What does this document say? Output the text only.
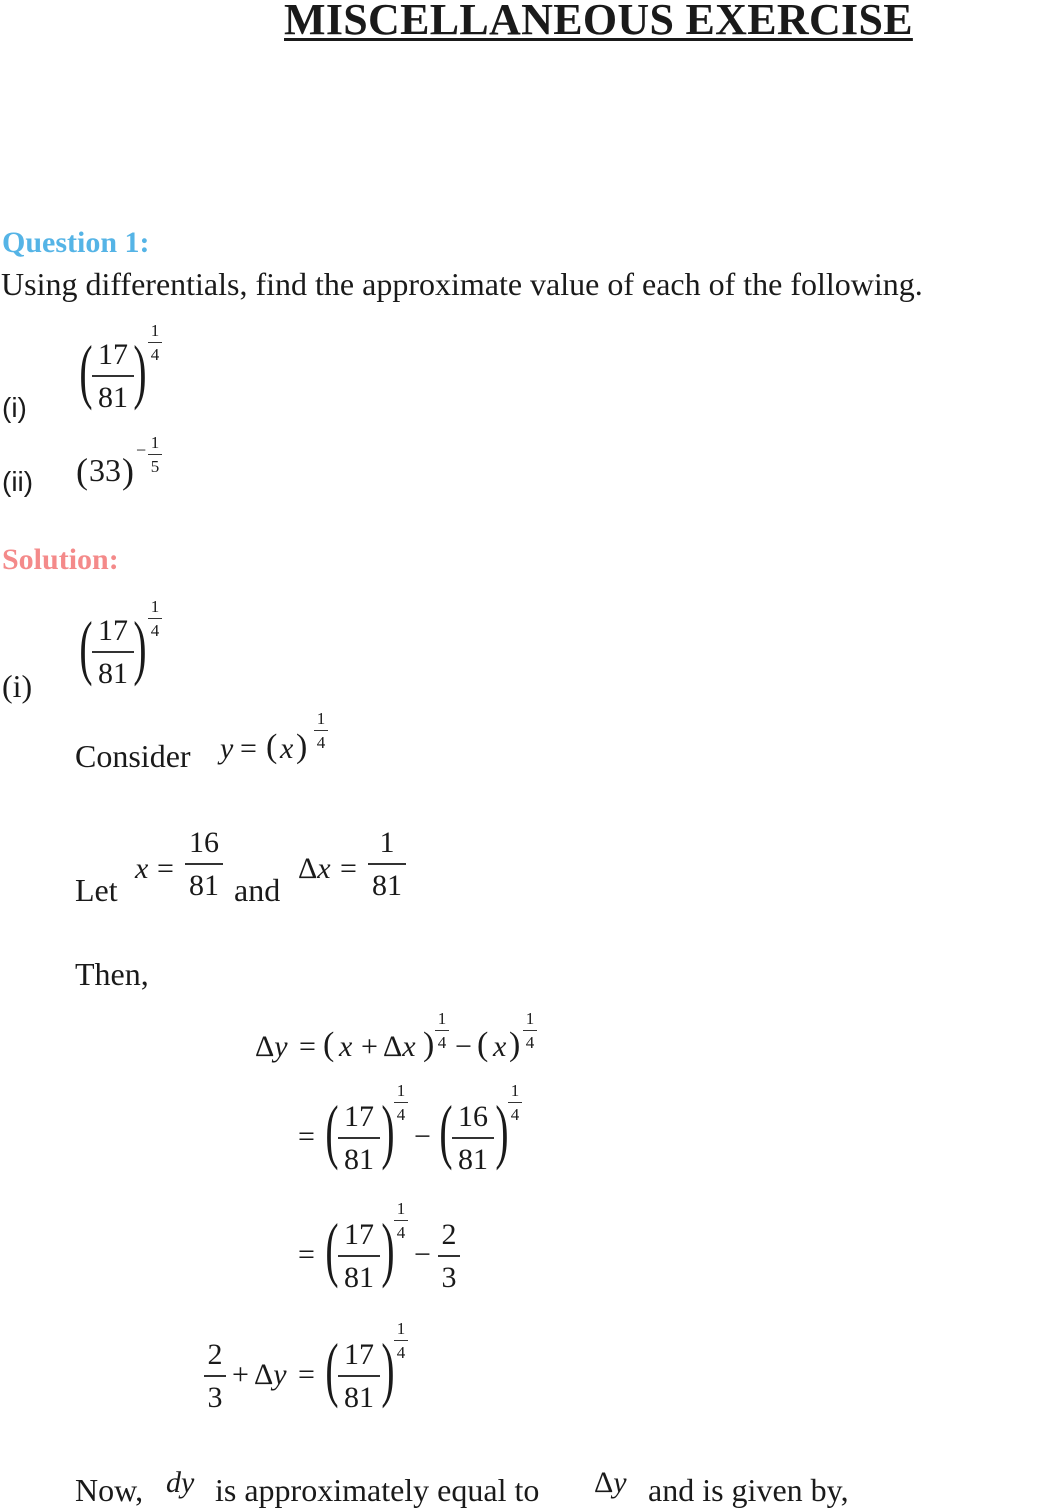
MISCELLANEOUS EXERCISE
Question 1:
Using differentials, find the approximate value of each of the following.
(i) ( 17
81 )
1
4
(ii) ( 33 )
− 1
5
Solution:
(i) ( 17
81 )
1
4
Consider y = ( x )
1
4
Let
x =
16
81 and
Δx =
1
81
Then,
Δy = ( x + Δx )
1
4 − ( x )
1
4
= ( 17
81 )
1
4
− ( 16
81 )
1
4
= ( 17
81 )
1
4
−
2
3
2
3
+ Δy = ( 17
81 )
1
4
Now, dy is approximately equal to Δy and is given by,
